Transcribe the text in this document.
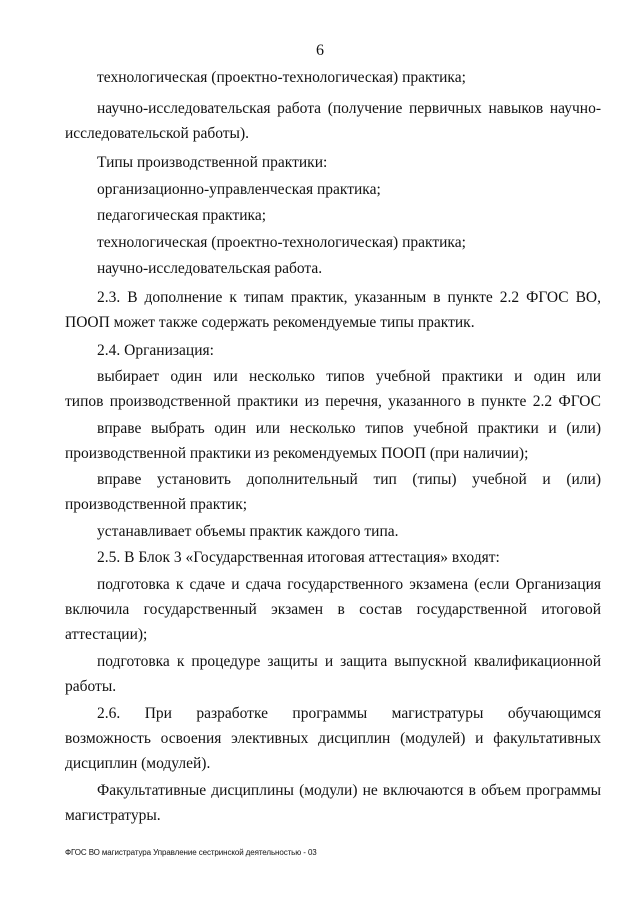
6
технологическая (проектно-технологическая) практика;
научно-исследовательская работа (получение первичных навыков научно-
исследовательской работы).
Типы производственной практики:
организационно-управленческая практика;
педагогическая практика;
технологическая (проектно-технологическая) практика;
научно-исследовательская работа.
2.3. В дополнение к типам практик, указанным в пункте 2.2 ФГОС ВО,
ПООП может также содержать рекомендуемые типы практик.
2.4. Организация:
выбирает один или несколько типов учебной практики и один или
типов производственной практики из перечня, указанного в пункте 2.2 ФГОС
вправе выбрать один или несколько типов учебной практики и (или)
производственной практики из рекомендуемых ПООП (при наличии);
вправе установить дополнительный тип (типы) учебной и (или)
производственной практик;
устанавливает объемы практик каждого типа.
2.5. В Блок 3 «Государственная итоговая аттестация» входят:
подготовка к сдаче и сдача государственного экзамена (если Организация
включила государственный экзамен в состав государственной итоговой
аттестации);
подготовка к процедуре защиты и защита выпускной квалификационной
работы.
2.6. При разработке программы магистратуры обучающимся
возможность освоения элективных дисциплин (модулей) и факультативных
дисциплин (модулей).
Факультативные дисциплины (модули) не включаются в объем программы
магистратуры.
ФГОС ВО магистратура Управление сестринской деятельностью - 03
